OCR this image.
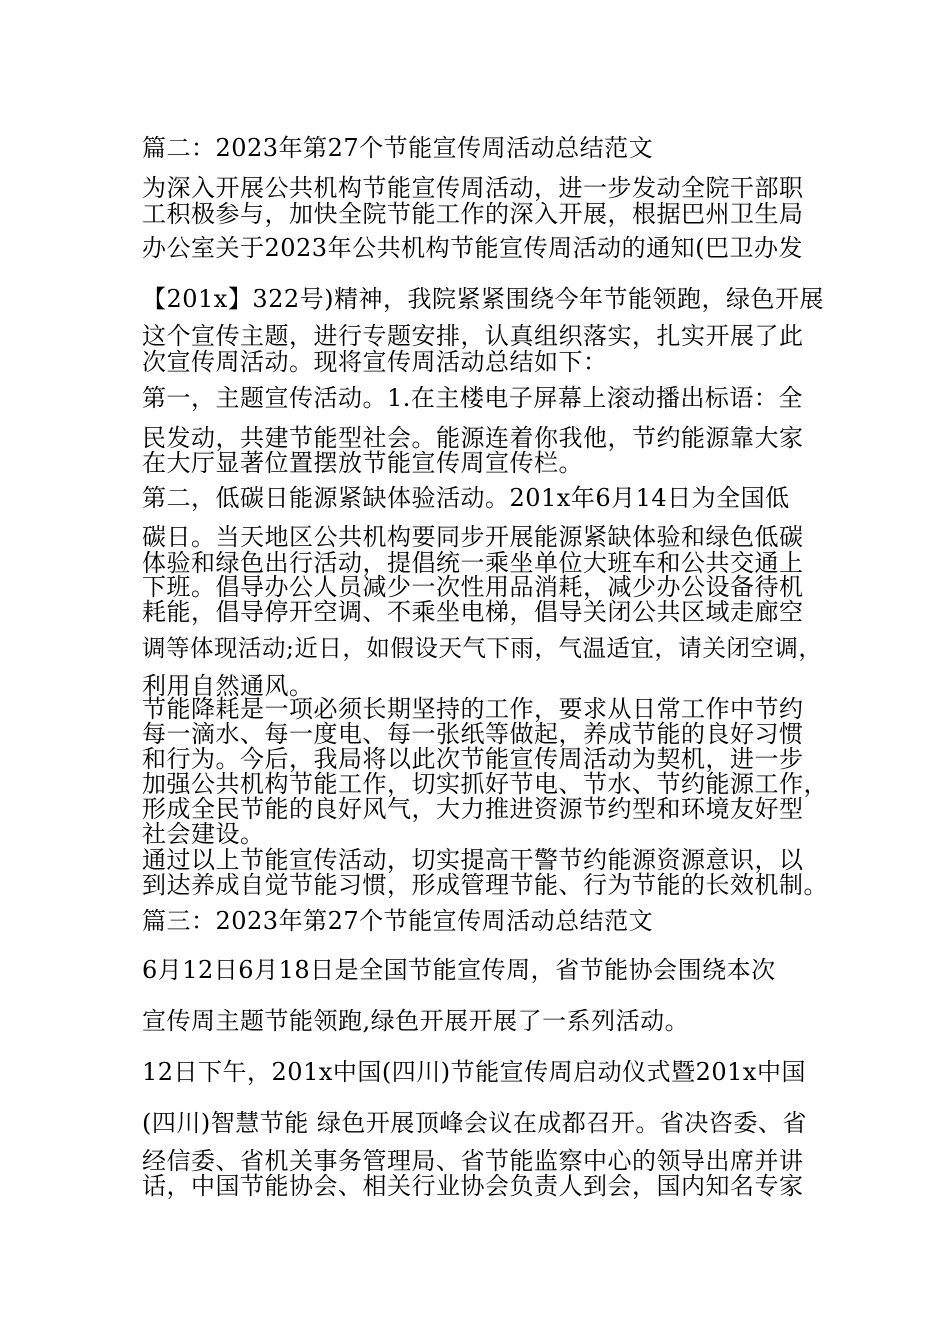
篇二：2023年第27个节能宣传周活动总结范文
为深入开展公共机构节能宣传周活动，进一步发动全院干部职
工积极参与，加快全院节能工作的深入开展，根据巴州卫生局
办公室关于2023年公共机构节能宣传周活动的通知(巴卫办发
【201x】322号)精神，我院紧紧围绕今年节能领跑，绿色开展
这个宣传主题，进行专题安排，认真组织落实，扎实开展了此
次宣传周活动。现将宣传周活动总结如下：
第一，主题宣传活动。1.在主楼电子屏幕上滚动播出标语：全
民发动，共建节能型社会。能源连着你我他，节约能源靠大家
在大厅显著位置摆放节能宣传周宣传栏。
第二，低碳日能源紧缺体验活动。201x年6月14日为全国低
碳日。当天地区公共机构要同步开展能源紧缺体验和绿色低碳
体验和绿色出行活动，提倡统一乘坐单位大班车和公共交通上
下班。倡导办公人员减少一次性用品消耗，减少办公设备待机
耗能，倡导停开空调、不乘坐电梯，倡导关闭公共区域走廊空
调等体现活动;近日，如假设天气下雨，气温适宜，请关闭空调，
利用自然通风。
节能降耗是一项必须长期坚持的工作，要求从日常工作中节约
每一滴水、每一度电、每一张纸等做起，养成节能的良好习惯
和行为。今后，我局将以此次节能宣传周活动为契机，进一步
加强公共机构节能工作，切实抓好节电、节水、节约能源工作，
形成全民节能的良好风气，大力推进资源节约型和环境友好型
社会建设。
通过以上节能宣传活动，切实提高干警节约能源资源意识，以
到达养成自觉节能习惯，形成管理节能、行为节能的长效机制。
篇三：2023年第27个节能宣传周活动总结范文
6月12日6月18日是全国节能宣传周，省节能协会围绕本次
宣传周主题节能领跑,绿色开展开展了一系列活动。
12日下午，201x中国(四川)节能宣传周启动仪式暨201x中国
(四川)智慧节能 绿色开展顶峰会议在成都召开。省决咨委、省
经信委、省机关事务管理局、省节能监察中心的领导出席并讲
话，中国节能协会、相关行业协会负责人到会，国内知名专家
